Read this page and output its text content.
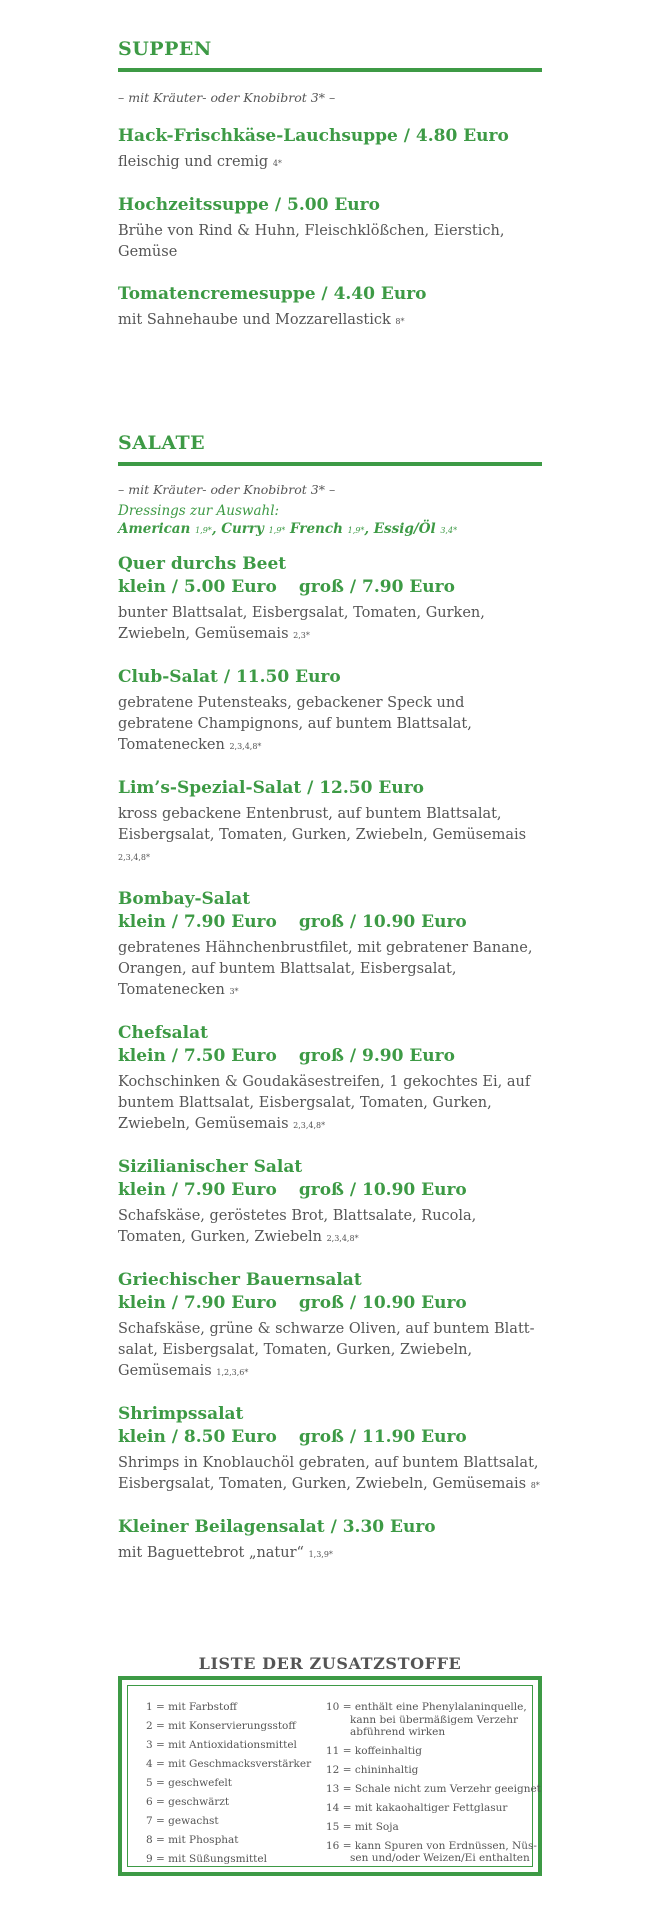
SUPPEN
– mit Kräuter- oder Knobibrot 3* –
Hack-Frischkäse-Lauchsuppe / 4.80 Euro
fleischig und cremig 4*
Hochzeitssuppe / 5.00 Euro
Brühe von Rind & Huhn, Fleischklößchen, Eierstich, Gemüse
Tomatencremesuppe / 4.40 Euro
mit Sahnehaube und Mozzarellastick 8*
SALATE
– mit Kräuter- oder Knobibrot 3* –
Dressings zur Auswahl:
American 1,9*, Curry 1,9* French 1,9*, Essig/Öl 3,4*
Quer durchs Beet
klein / 5.00 Euro groß / 7.90 Euro
bunter Blattsalat, Eisbergsalat, Tomaten, Gurken, Zwiebeln, Gemüsemais 2,3*
Club-Salat / 11.50 Euro
gebratene Putensteaks, gebackener Speck und gebratene Champignons, auf buntem Blattsalat, Tomatenecken 2,3,4,8*
Lim’s-Spezial-Salat / 12.50 Euro
kross gebackene Entenbrust, auf buntem Blattsalat, Eisbergsalat, Tomaten, Gurken, Zwiebeln, Gemüsemais 2,3,4,8*
Bombay-Salat
klein / 7.90 Euro groß / 10.90 Euro
gebratenes Hähnchenbrustfilet, mit gebratener Banane, Orangen, auf buntem Blattsalat, Eisbergsalat, Tomatenecken 3*
Chefsalat
klein / 7.50 Euro groß / 9.90 Euro
Kochschinken & Goudakäsestreifen, 1 gekochtes Ei, auf buntem Blattsalat, Eisbergsalat, Tomaten, Gurken, Zwiebeln, Gemüsemais 2,3,4,8*
Sizilianischer Salat
klein / 7.90 Euro groß / 10.90 Euro
Schafskäse, geröstetes Brot, Blattsalate, Rucola, Tomaten, Gurken, Zwiebeln 2,3,4,8*
Griechischer Bauernsalat
klein / 7.90 Euro groß / 10.90 Euro
Schafskäse, grüne & schwarze Oliven, auf buntem Blatt-salat, Eisbergsalat, Tomaten, Gurken, Zwiebeln, Gemüsemais 1,2,3,6*
Shrimpssalat
klein / 8.50 Euro groß / 11.90 Euro
Shrimps in Knoblauchöl gebraten, auf buntem Blattsalat, Eisbergsalat, Tomaten, Gurken, Zwiebeln, Gemüsemais 8*
Kleiner Beilagensalat / 3.30 Euro
mit Baguettebrot „natur“ 1,3,9*
LISTE DER ZUSATZSTOFFE
1 = mit Farbstoff
2 = mit Konservierungsstoff
3 = mit Antioxidationsmittel
4 = mit Geschmacksverstärker
5 = geschwefelt
6 = geschwärzt
7 = gewachst
8 = mit Phosphat
9 = mit Süßungsmittel
10 = enthält eine Phenylalaninquelle,
kann bei übermäßigem Verzehr
abführend wirken
11 = koffeinhaltig
12 = chininhaltig
13 = Schale nicht zum Verzehr geeignet
14 = mit kakaohaltiger Fettglasur
15 = mit Soja
16 = kann Spuren von Erdnüssen, Nüs-
sen und/oder Weizen/Ei enthalten
